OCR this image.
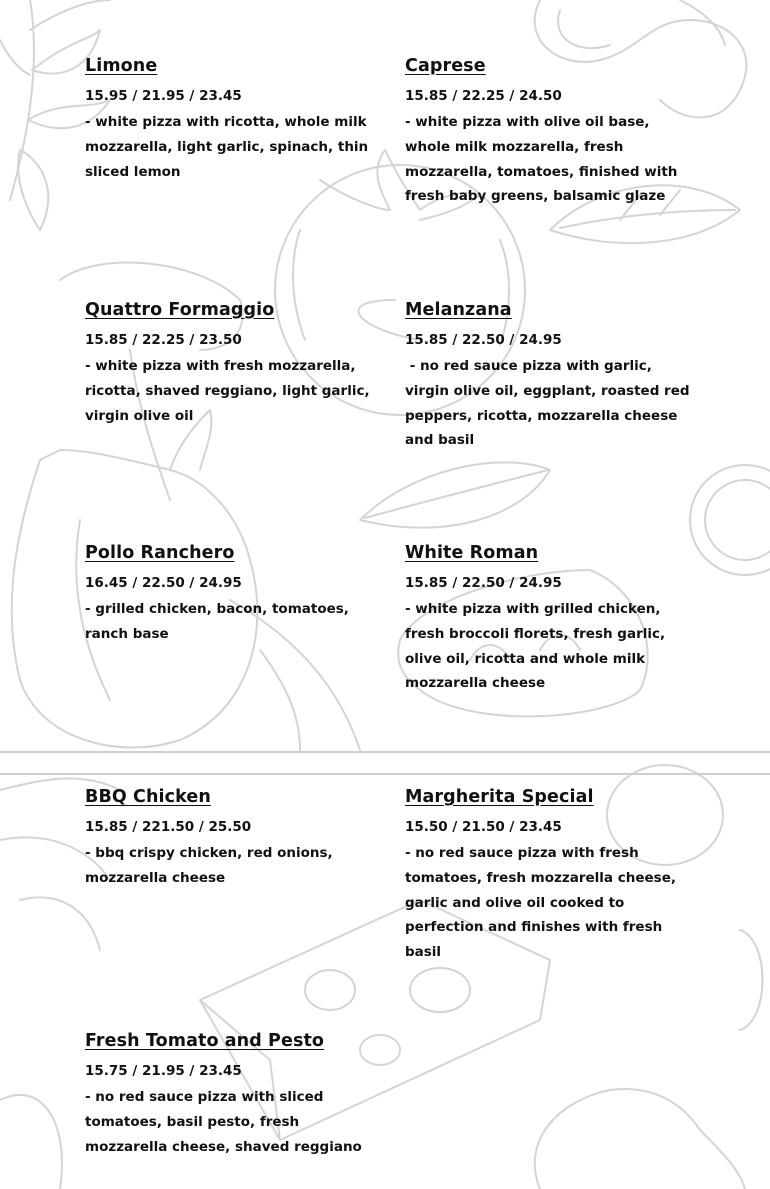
Limone

15.95 / 21.95 / 23.45

- white pizza with ricotta, whole milk mozzarella, light garlic, spinach, thin sliced lemon

Caprese

15.85 / 22.25 / 24.50

- white pizza with olive oil base, whole milk mozzarella, fresh mozzarella, tomatoes, finished with fresh baby greens, balsamic glaze

Quattro Formaggio

15.85 / 22.25 / 23.50

- white pizza with fresh mozzarella, ricotta, shaved reggiano, light garlic, virgin olive oil

Melanzana

15.85 / 22.50 / 24.95

- no red sauce pizza with garlic, virgin olive oil, eggplant, roasted red peppers, ricotta, mozzarella cheese and basil

Pollo Ranchero

16.45 / 22.50 / 24.95

- grilled chicken, bacon, tomatoes, ranch base

White Roman

15.85 / 22.50 / 24.95

- white pizza with grilled chicken, fresh broccoli florets, fresh garlic, olive oil, ricotta and whole milk mozzarella cheese

BBQ Chicken

15.85 / 221.50 / 25.50

- bbq crispy chicken, red onions, mozzarella cheese

Margherita Special

15.50 / 21.50 / 23.45

- no red sauce pizza with fresh tomatoes, fresh mozzarella cheese, garlic and olive oil cooked to perfection and finishes with fresh basil

Fresh Tomato and Pesto

15.75 / 21.95 / 23.45

- no red sauce pizza with sliced tomatoes, basil pesto, fresh mozzarella cheese, shaved reggiano
